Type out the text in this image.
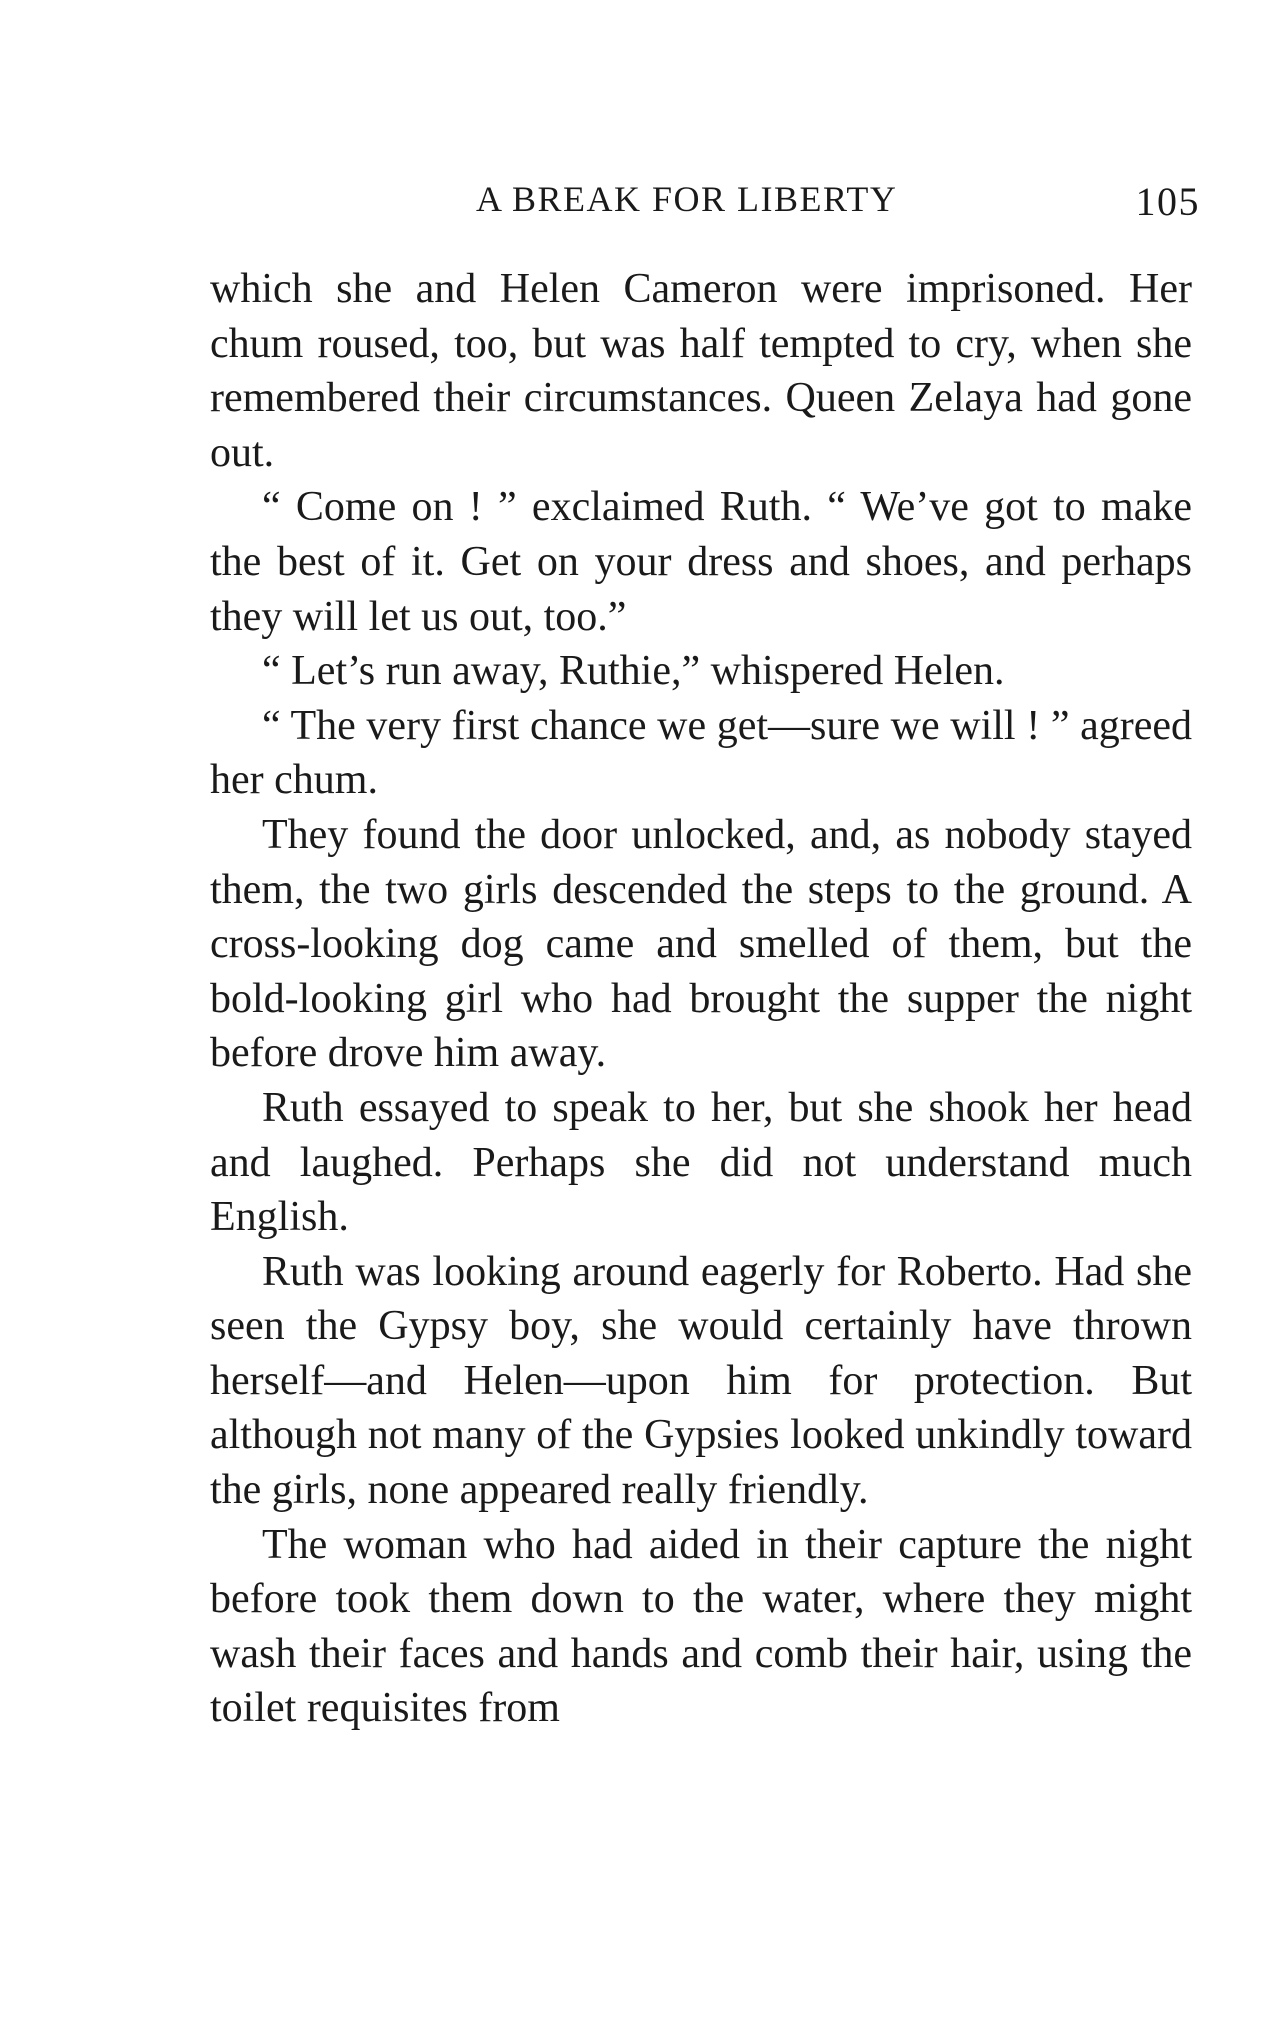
A BREAK FOR LIBERTY	105

which she and Helen Cameron were imprisoned. Her chum roused, too, but was half tempted to cry, when she remembered their circumstances. Queen Zelaya had gone out.

“ Come on ! ” exclaimed Ruth. “ We’ve got to make the best of it. Get on your dress and shoes, and perhaps they will let us out, too.”

“ Let’s run away, Ruthie,” whispered Helen.

“ The very first chance we get—sure we will ! ” agreed her chum.

They found the door unlocked, and, as nobody stayed them, the two girls descended the steps to the ground. A cross-looking dog came and smelled of them, but the bold-looking girl who had brought the supper the night before drove him away.

Ruth essayed to speak to her, but she shook her head and laughed. Perhaps she did not understand much English.

Ruth was looking around eagerly for Roberto. Had she seen the Gypsy boy, she would certainly have thrown herself—and Helen—upon him for protection. But although not many of the Gypsies looked unkindly toward the girls, none appeared really friendly.

The woman who had aided in their capture the night before took them down to the water, where they might wash their faces and hands and comb their hair, using the toilet requisites from
